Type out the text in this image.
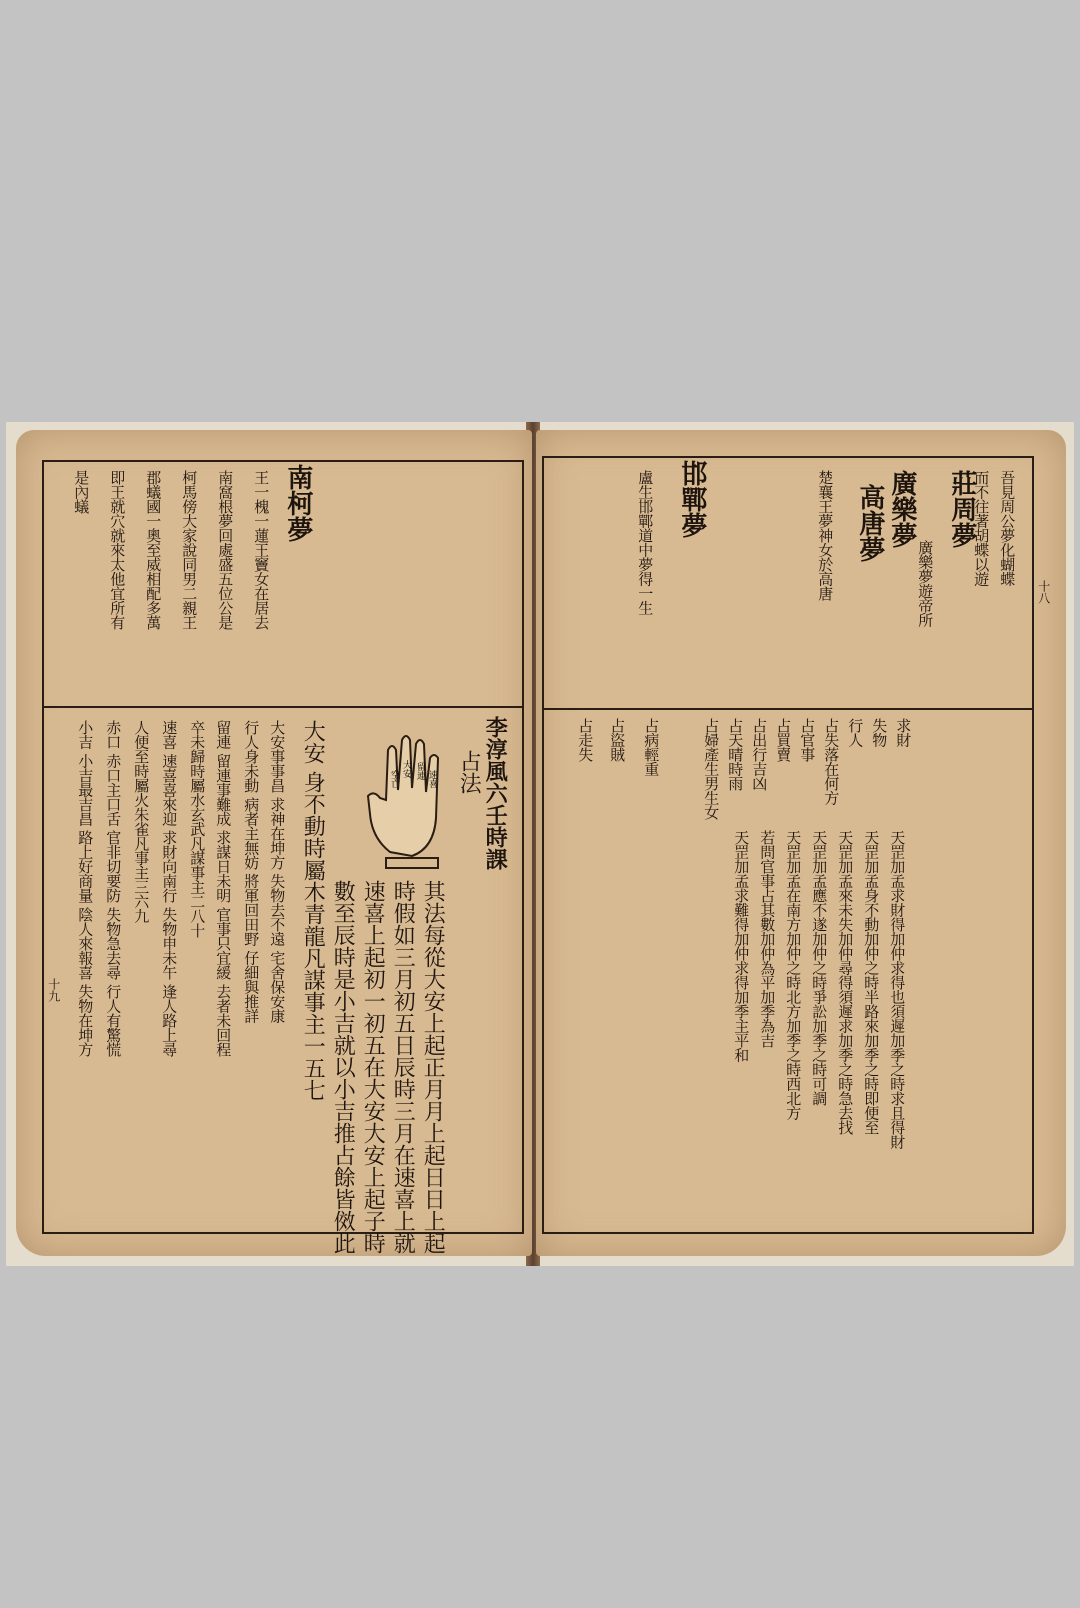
南柯夢
王一槐一蓮王竇女在居去
南窩根夢回處盛五位公是
柯馬傍大家說同男二親王
郡蟻國一奧至威相配多萬
即王就穴就來太他宜所有
是內蟻
李淳風六壬時課
占法
大安 留連 速喜
空亡
其法每從大安上起正月月上起日日上起
時假如三月初五日辰時三月在速喜上就
速喜上起初一初五在大安大安上起子時
數至辰時是小吉就以小吉推占餘皆傚此
大安 身不動時屬木青龍凡謀事主一五七
大安事事昌 求神在坤方 失物去不遠 宅舍保安康
行人身未動 病者主無妨 將軍回田野 仔細與推詳
留連 留連事難成 求謀日未明 官事只宜緩 去者未回程
卒未歸時屬水玄武凡謀事主二八十
速喜 速喜喜來迎 求財向南行 失物申未午 逢人路上尋
人便至時屬火朱雀凡事主三六九
赤口 赤口主口舌 官非切要防 失物急去尋 行人有驚慌
小吉 小吉最吉昌 路上好商量 陰人來報喜 失物在坤方
十九
莊周夢
廣樂夢
高唐夢
邯鄲夢	吾見周公夢化蝴蝶
而不往著胡蝶以遊
楚襄王夢神女於高唐
盧生邯鄲道中夢得一生	廣樂夢遊帝所
求財
失物
行人
占失落在何方
占官事
占買賣
占出行吉凶
占天晴時雨
占婦產生男生女
占病輕重
占盜賊
占走失
天罡加孟求財得加仲求得也須遲加季之時求且得財
天罡加孟身不動加仲之時半路來加季之時即便至
天罡加孟來未失加仲尋得須遲求加季之時急去找
天罡加孟應不遂加仲之時爭訟加季之時可調
天罡加孟在南方加仲之時北方加季之時西北方
若問官事占其數加仲為平加季為吉
天罡加孟求難得加仲求得加季主平和
十八
